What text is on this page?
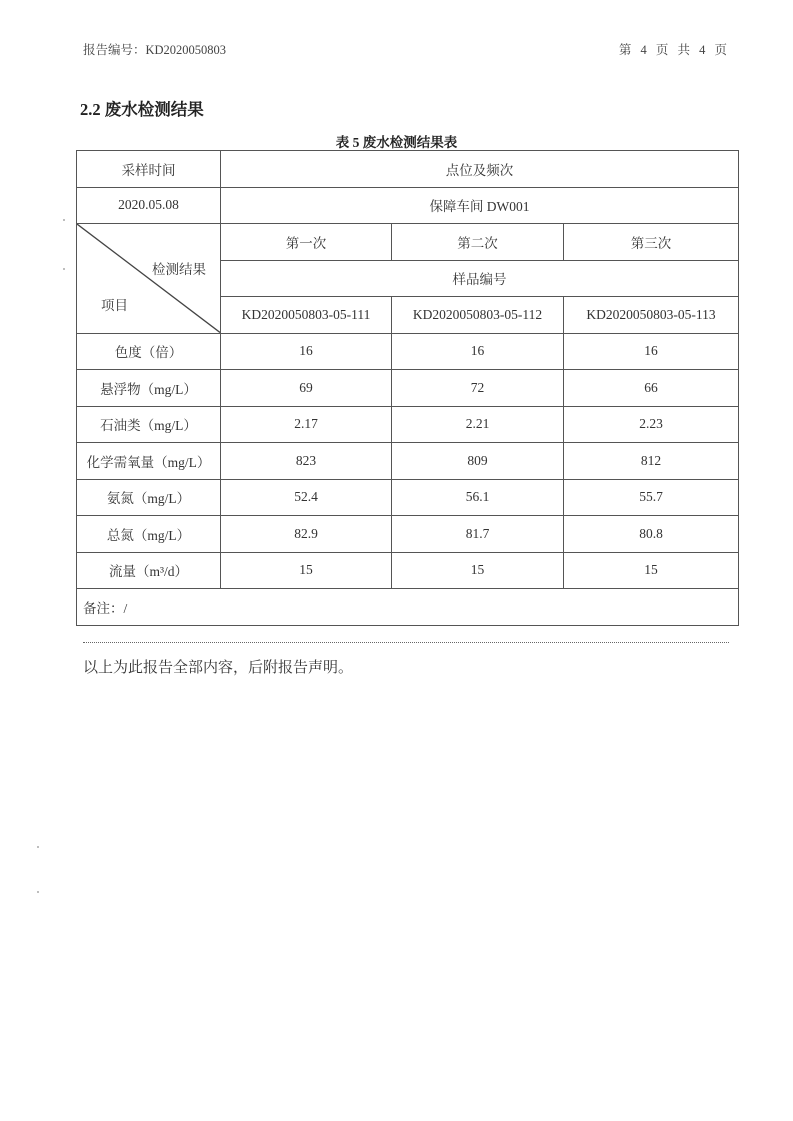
报告编号：KD2020050803	第 4 页 共 4 页
2.2 废水检测结果
表 5 废水检测结果表
采样时间	点位及频次		
2020.05.08	保障车间 DW001		

检测结果
项目	第一次	第二次	第三次
	样品编号		
	KD2020050803-05-111	KD2020050803-05-112	KD2020050803-05-113
色度（倍）	16	16	16
悬浮物（mg/L）	69	72	66
石油类（mg/L）	2.17	2.21	2.23
化学需氧量（mg/L）	823	809	812
氨氮（mg/L）	52.4	56.1	55.7
总氮（mg/L）	82.9	81.7	80.8
流量（m³/d）	15	15	15
备注：/			
以上为此报告全部内容，后附报告声明。
